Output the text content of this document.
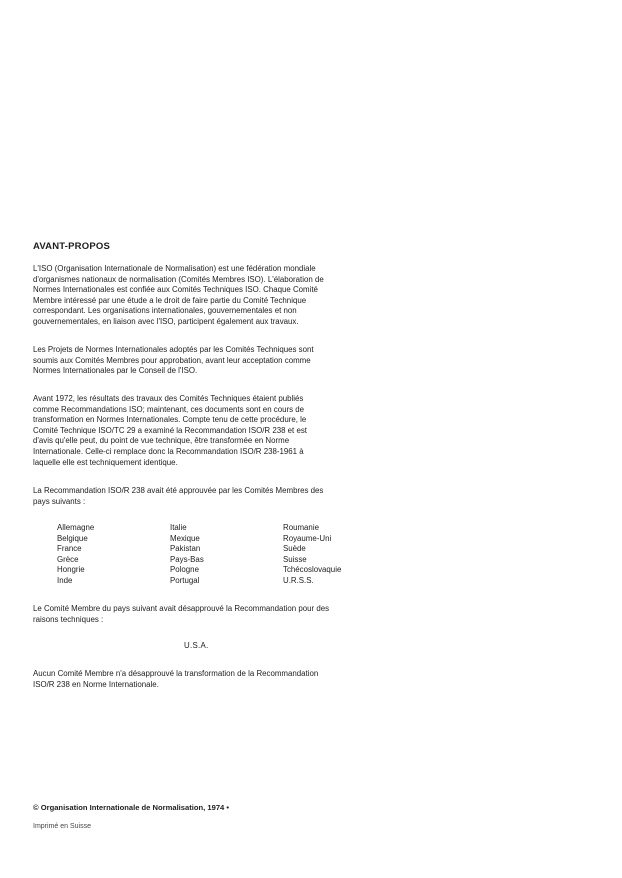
AVANT-PROPOS

L'ISO (Organisation Internationale de Normalisation) est une fédération mondiale
d'organismes nationaux de normalisation (Comités Membres ISO). L'élaboration de
Normes Internationales est confiée aux Comités Techniques ISO. Chaque Comité
Membre intéressé par une étude a le droit de faire partie du Comité Technique
correspondant. Les organisations internationales, gouvernementales et non
gouvernementales, en liaison avec l'ISO, participent également aux travaux.

Les Projets de Normes Internationales adoptés par les Comités Techniques sont
soumis aux Comités Membres pour approbation, avant leur acceptation comme
Normes Internationales par le Conseil de l'ISO.

Avant 1972, les résultats des travaux des Comités Techniques étaient publiés
comme Recommandations ISO; maintenant, ces documents sont en cours de
transformation en Normes Internationales. Compte tenu de cette procédure, le
Comité Technique ISO/TC 29 a examiné la Recommandation ISO/R 238 et est
d'avis qu'elle peut, du point de vue technique, être transformée en Norme
Internationale. Celle-ci remplace donc la Recommandation ISO/R 238-1961 à
laquelle elle est techniquement identique.

La Recommandation ISO/R 238 avait été approuvée par les Comités Membres des
pays suivants :

Allemagne
Belgique
France
Grèce
Hongrie
Inde
Italie
Mexique
Pakistan
Pays-Bas
Pologne
Portugal
Roumanie
Royaume-Uni
Suède
Suisse
Tchécoslovaquie
U.R.S.S.

Le Comité Membre du pays suivant avait désapprouvé la Recommandation pour des
raisons techniques :

U.S.A.

Aucun Comité Membre n'a désapprouvé la transformation de la Recommandation
ISO/R 238 en Norme Internationale.

© Organisation Internationale de Normalisation, 1974 •
Imprimé en Suisse
